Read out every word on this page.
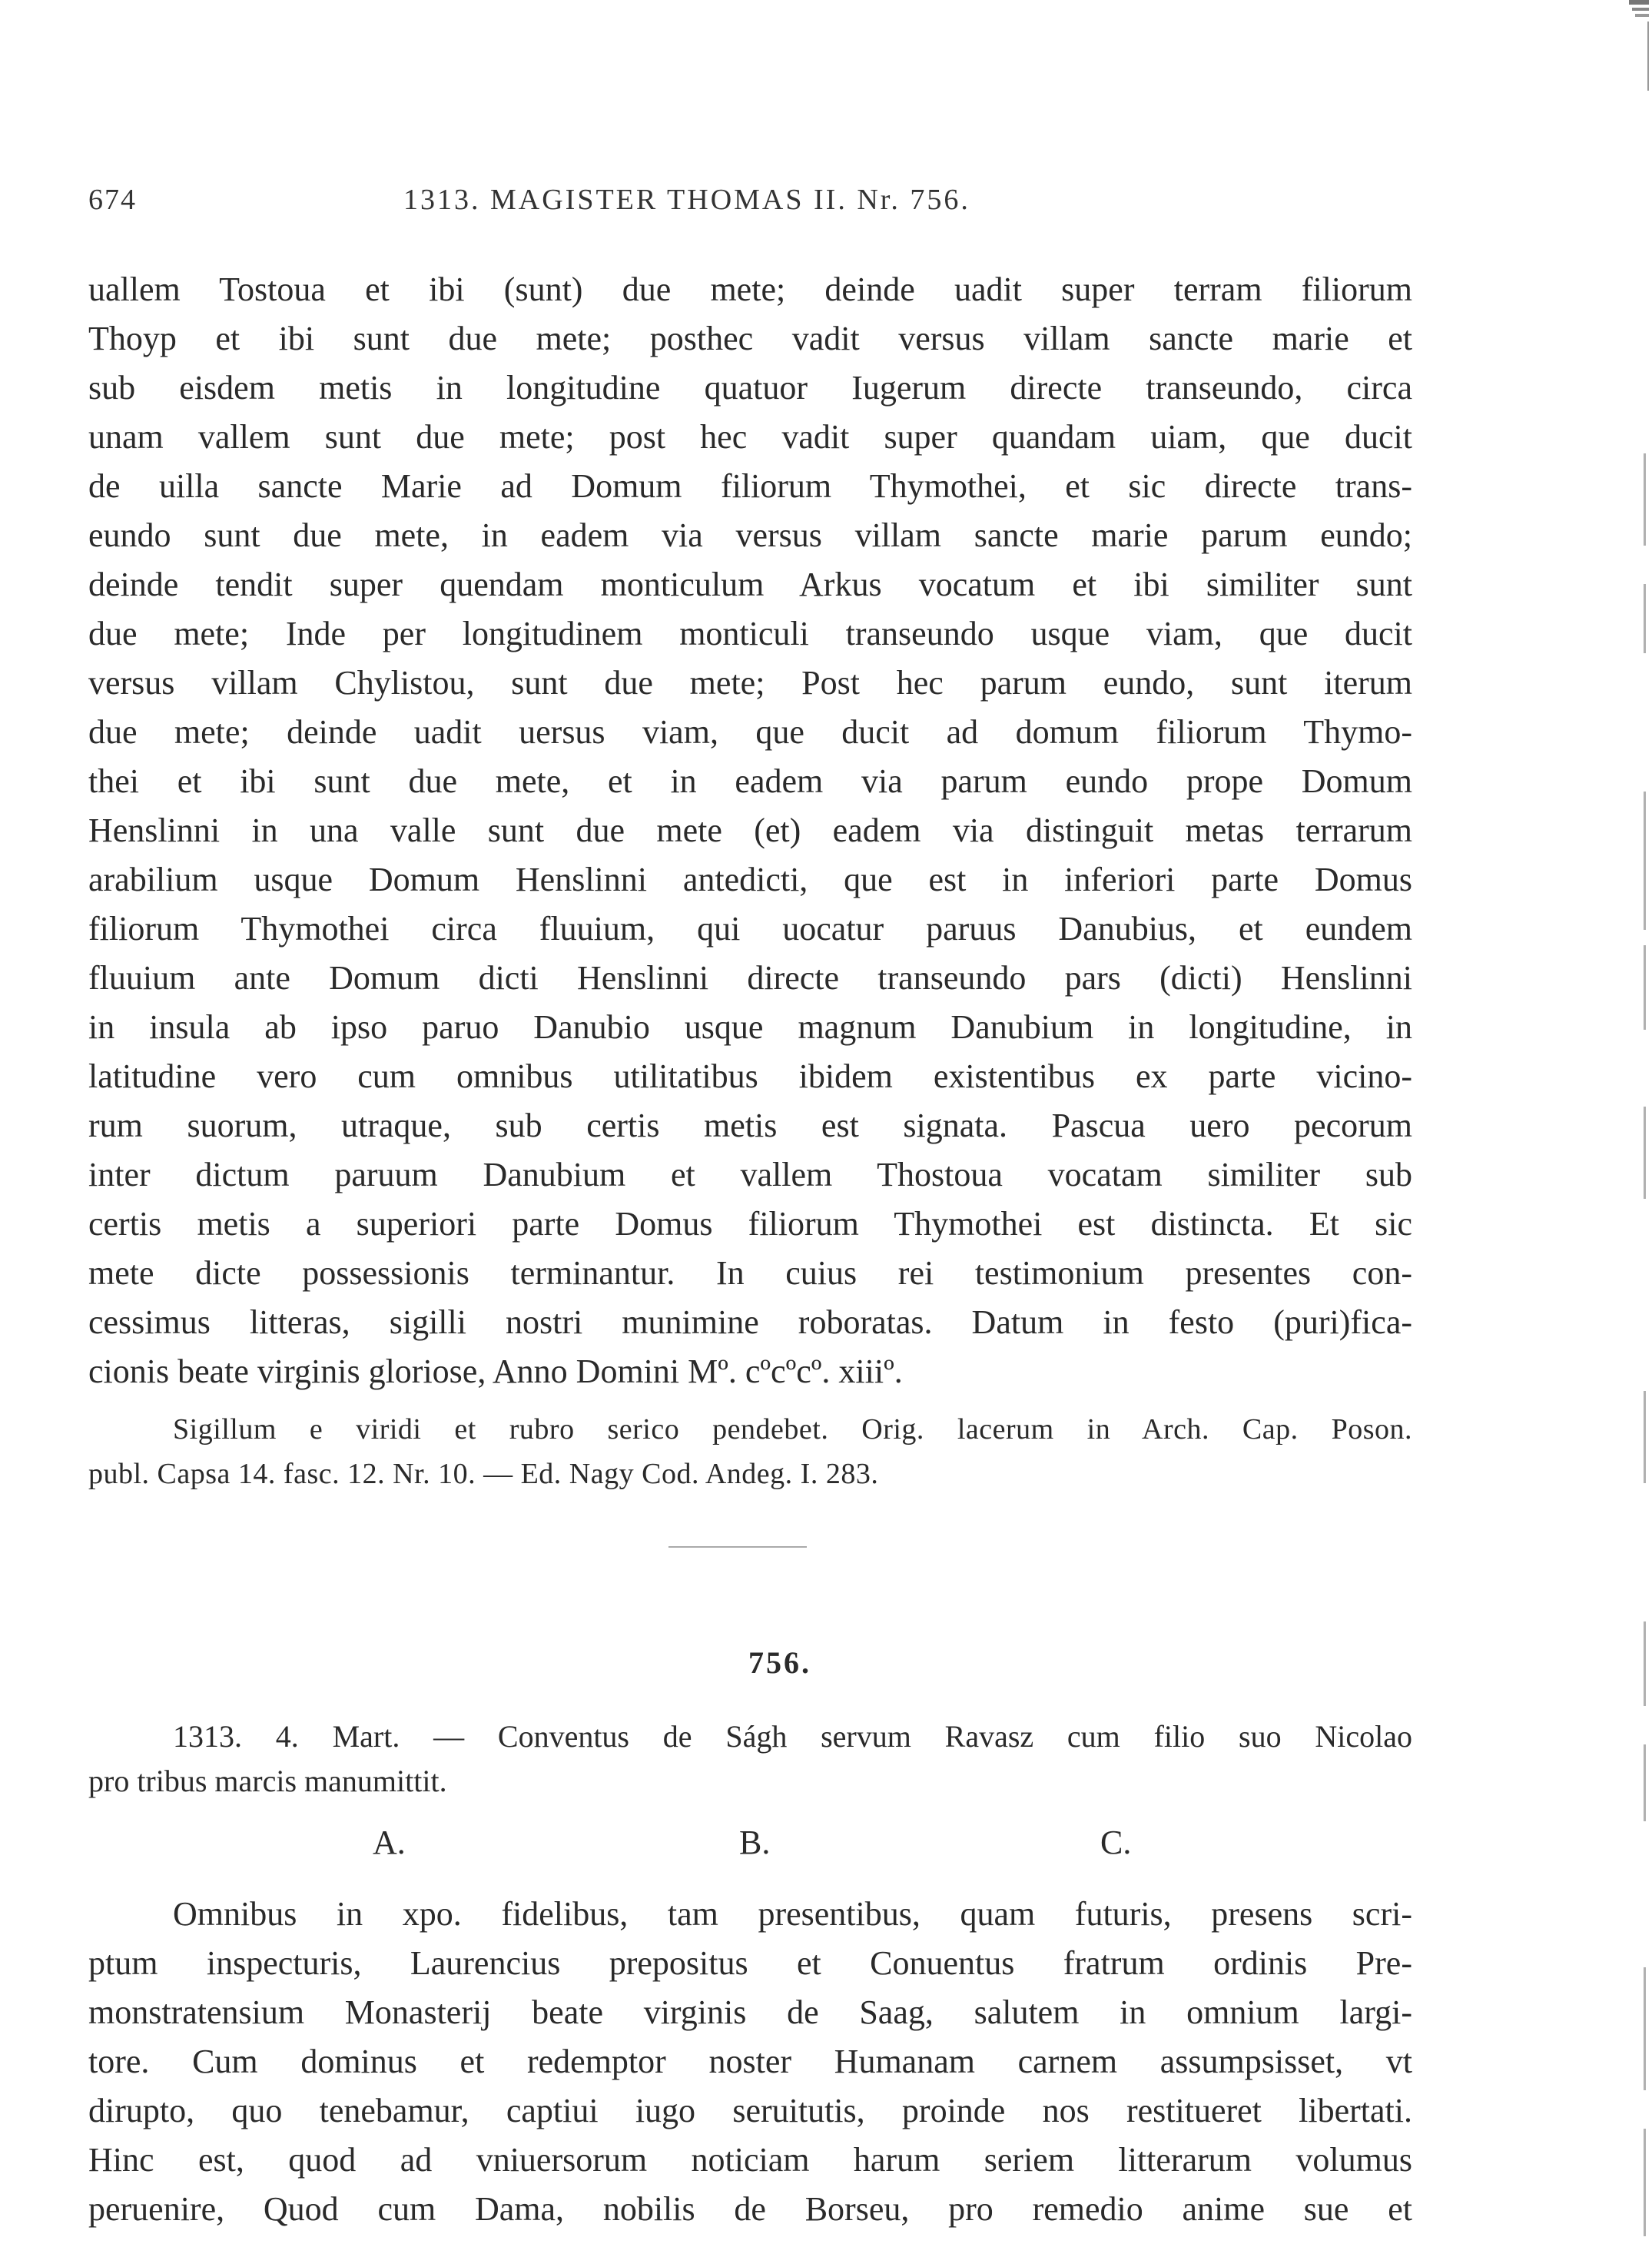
674	1313. MAGISTER THOMAS II. Nr. 756.
uallem Tostoua et ibi (sunt) due mete; deinde uadit super terram filiorum
Thoyp et ibi sunt due mete; posthec vadit versus villam sancte marie et
sub eisdem metis in longitudine quatuor Iugerum directe transeundo, circa
unam vallem sunt due mete; post hec vadit super quandam uiam, que ducit
de uilla sancte Marie ad Domum filiorum Thymothei, et sic directe trans-
eundo sunt due mete, in eadem via versus villam sancte marie parum eundo;
deinde tendit super quendam monticulum Arkus vocatum et ibi similiter sunt
due mete; Inde per longitudinem monticuli transeundo usque viam, que ducit
versus villam Chylistou, sunt due mete; Post hec parum eundo, sunt iterum
due mete; deinde uadit uersus viam, que ducit ad domum filiorum Thymo-
thei et ibi sunt due mete, et in eadem via parum eundo prope Domum
Henslinni in una valle sunt due mete (et) eadem via distinguit metas terrarum
arabilium usque Domum Henslinni antedicti, que est in inferiori parte Domus
filiorum Thymothei circa fluuium, qui uocatur paruus Danubius, et eundem
fluuium ante Domum dicti Henslinni directe transeundo pars (dicti) Henslinni
in insula ab ipso paruo Danubio usque magnum Danubium in longitudine, in
latitudine vero cum omnibus utilitatibus ibidem existentibus ex parte vicino-
rum suorum, utraque, sub certis metis est signata. Pascua uero pecorum
inter dictum paruum Danubium et vallem Thostoua vocatam similiter sub
certis metis a superiori parte Domus filiorum Thymothei est distincta. Et sic
mete dicte possessionis terminantur. In cuius rei testimonium presentes con-
cessimus litteras, sigilli nostri munimine roboratas. Datum in festo (puri)fica-
cionis beate virginis gloriose, Anno Domini Mº. cºcºcº. xiiiº.
Sigillum e viridi et rubro serico pendebet. Orig. lacerum in Arch. Cap. Poson.
publ. Capsa 14. fasc. 12. Nr. 10. — Ed. Nagy Cod. Andeg. I. 283.
756.
1313. 4. Mart. — Conventus de Ságh servum Ravasz cum filio suo Nicolao
pro tribus marcis manumittit.
A.	B.	C.
Omnibus in xpo. fidelibus, tam presentibus, quam futuris, presens scri-
ptum inspecturis, Laurencius prepositus et Conuentus fratrum ordinis Pre-
monstratensium Monasterij beate virginis de Saag, salutem in omnium largi-
tore. Cum dominus et redemptor noster Humanam carnem assumpsisset, vt
dirupto, quo tenebamur, captiui iugo seruitutis, proinde nos restitueret libertati.
Hinc est, quod ad vniuersorum noticiam harum seriem litterarum volumus
peruenire, Quod cum Dama, nobilis de Borseu, pro remedio anime sue et
